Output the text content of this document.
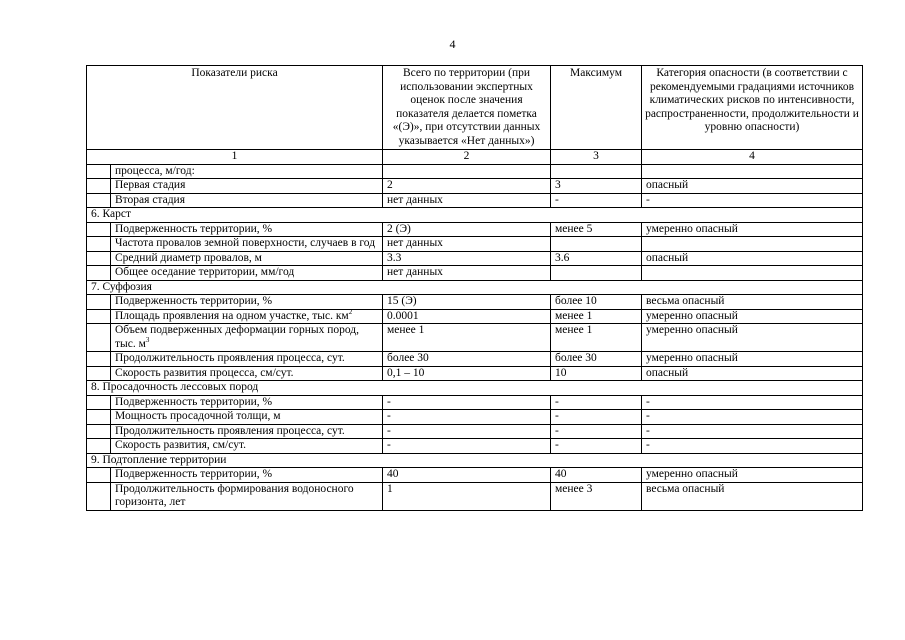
4
Показатели риска		Всего по территории (при использовании экспертных оценок после значения показателя делается пометка «(Э)», при отсутствии данных указывается «Нет данных»)	Максимум	Категория опасности (в соответствии с рекомендуемыми градациями источников климатических рисков по интенсивности, распространенности, продолжительности и уровню опасности)
1		2	3	4
	процесса, м/год:			
	Первая стадия	2	3	опасный
	Вторая стадия	нет данных	-	-
6. Карст				
	Подверженность территории, %	2 (Э)	менее 5	умеренно опасный
	Частота провалов земной поверхности, случаев в год	нет данных		
	Средний диаметр провалов, м	3.3	3.6	опасный
	Общее оседание территории, мм/год	нет данных		
7. Суффозия				
	Подверженность территории, %	15 (Э)	более 10	весьма опасный
	Площадь проявления на одном участке, тыс. $км^2$	0.0001	менее 1	умеренно опасный
	Объем подверженных деформации горных пород, тыс. $м^3$	менее 1	менее 1	умеренно опасный
	Продолжительность проявления процесса, сут.	более 30	более 30	умеренно опасный
	Скорость развития процесса, см/сут.	0,1 – 10	10	опасный
8. Просадочность лессовых пород				
	Подверженность территории, %	-	-	-
	Мощность просадочной толщи, м	-	-	-
	Продолжительность проявления процесса, сут.	-	-	-
	Скорость развития, см/сут.	-	-	-
9. Подтопление территории				
	Подверженность территории, %	40	40	умеренно опасный
	Продолжительность формирования водоносного горизонта, лет	1	менее 3	весьма опасный
